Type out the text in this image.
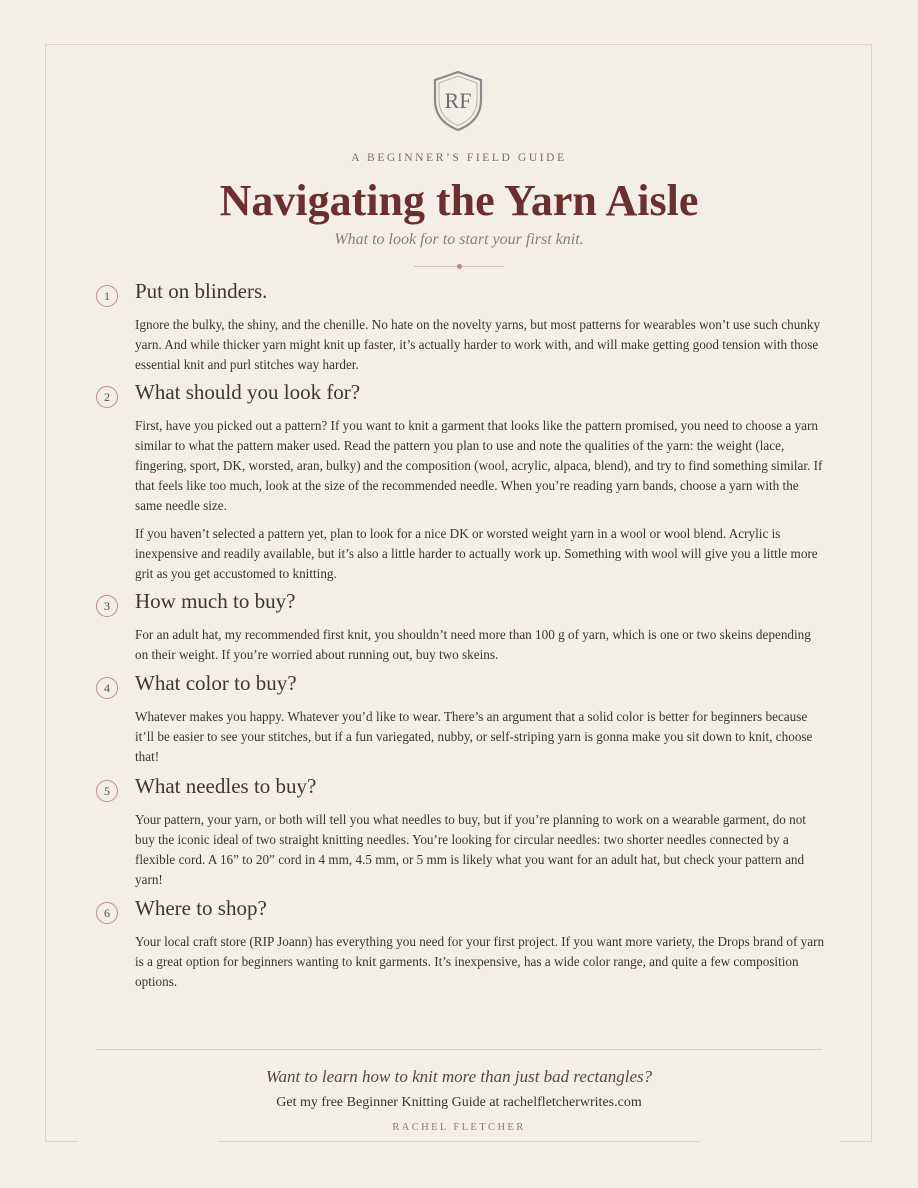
RF
A BEGINNER’S FIELD GUIDE
Navigating the Yarn Aisle
What to look for to start your first knit.
1	Put on blinders.

Ignore the bulky, the shiny, and the chenille. No hate on the novelty yarns, but most patterns for wearables won’t use such chunky yarn. And while thicker yarn might knit up faster, it’s actually harder to work with, and will make getting good tension with those essential knit and purl stitches way harder.

2	What should you look for?

First, have you picked out a pattern? If you want to knit a garment that looks like the pattern promised, you need to choose a yarn similar to what the pattern maker used. Read the pattern you plan to use and note the qualities of the yarn: the weight (lace, fingering, sport, DK, worsted, aran, bulky) and the composition (wool, acrylic, alpaca, blend), and try to find something similar. If that feels like too much, look at the size of the recommended needle. When you’re reading yarn bands, choose a yarn with the same needle size.

If you haven’t selected a pattern yet, plan to look for a nice DK or worsted weight yarn in a wool or wool blend. Acrylic is inexpensive and readily available, but it’s also a little harder to actually work up. Something with wool will give you a little more grit as you get accustomed to knitting.

3	How much to buy?

For an adult hat, my recommended first knit, you shouldn’t need more than 100 g of yarn, which is one or two skeins depending on their weight. If you’re worried about running out, buy two skeins.

4	What color to buy?

Whatever makes you happy. Whatever you’d like to wear. There’s an argument that a solid color is better for beginners because it’ll be easier to see your stitches, but if a fun variegated, nubby, or self-striping yarn is gonna make you sit down to knit, choose that!

5	What needles to buy?

Your pattern, your yarn, or both will tell you what needles to buy, but if you’re planning to work on a wearable garment, do not buy the iconic ideal of two straight knitting needles. You’re looking for circular needles: two shorter needles connected by a flexible cord. A 16” to 20” cord in 4 mm, 4.5 mm, or 5 mm is likely what you want for an adult hat, but check your pattern and yarn!

6	Where to shop?

Your local craft store (RIP Joann) has everything you need for your first project. If you want more variety, the Drops brand of yarn is a great option for beginners wanting to knit garments. It’s inexpensive, has a wide color range, and quite a few composition options.

Want to learn how to knit more than just bad rectangles?
Get my free Beginner Knitting Guide at rachelfletcherwrites.com
RACHEL FLETCHER
